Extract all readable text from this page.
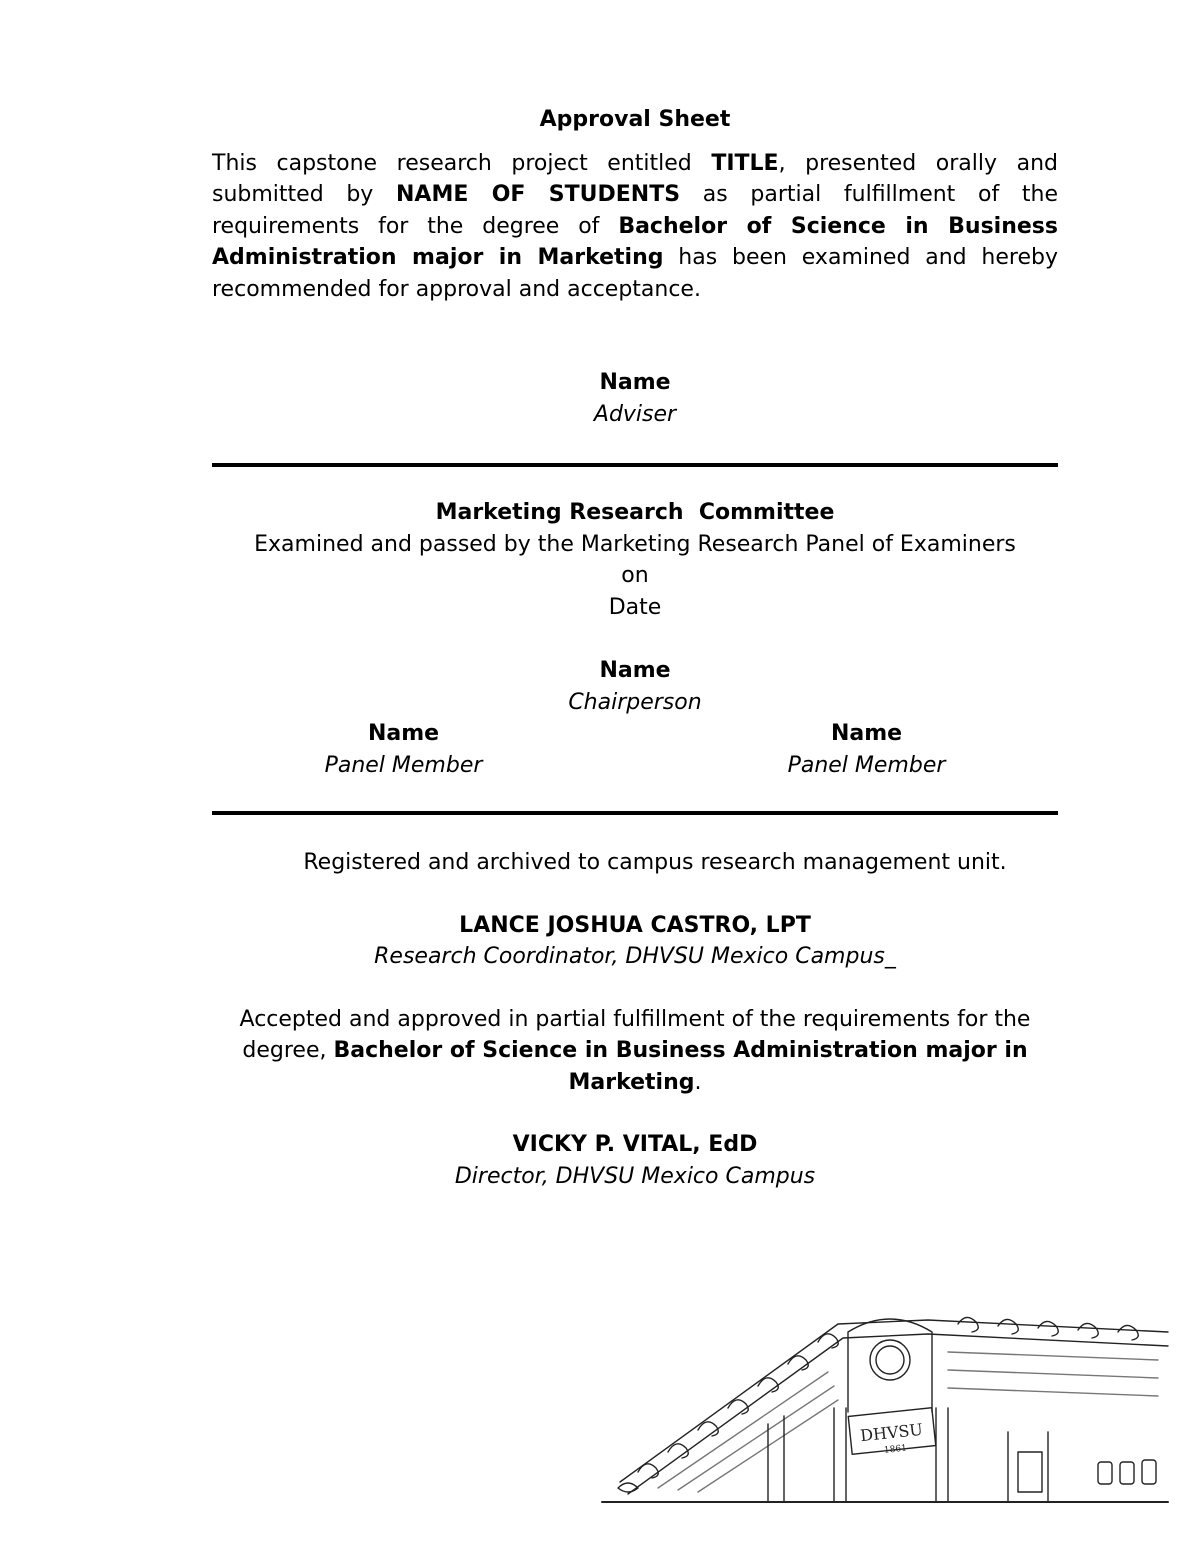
Approval Sheet

This capstone research project entitled TITLE, presented orally and submitted by NAME OF STUDENTS as partial fulfillment of the requirements for the degree of Bachelor of Science in Business Administration major in Marketing has been examined and hereby recommended for approval and acceptance.

Name

Adviser

Marketing Research  Committee

Examined and passed by the Marketing Research Panel of Examiners

on

Date

Name

Chairperson

Name

Panel Member

Name

Panel Member

Registered and archived to campus research management unit.

LANCE JOSHUA CASTRO, LPT

Research Coordinator, DHVSU Mexico Campus_

Accepted and approved in partial fulfillment of the requirements for the degree, Bachelor of Science in Business Administration major in Marketing.

VICKY P. VITAL, EdD

Director, DHVSU Mexico Campus

DHVSU
1861
